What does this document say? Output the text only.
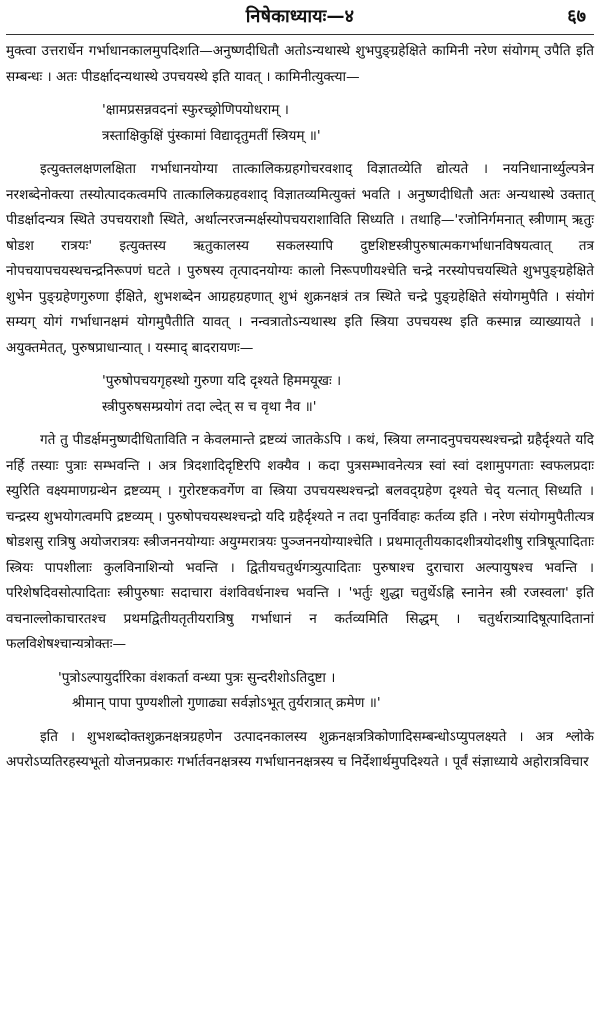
निषेकाध्यायः—४	६७

मुक्त्वा उत्तरार्धेन गर्भाधानकालमुपदिशति—अनुष्णदीधितौ अतोऽन्यथास्थे शुभपुङ्ग्रहेक्षिते कामिनी नरेण संयोगम् उपैति इति सम्बन्धः । अतः पीडर्क्षादन्यथास्थे उपचयस्थे इति यावत् । कामिनीत्युक्त्या—

'क्षामप्रसन्नवदनां स्फुरच्छ्रोणिपयोधराम् ।
त्रस्ताक्षिकुक्षिं पुंस्कामां विद्यादृतुमतीं स्त्रियम् ॥'

इत्युक्तलक्षणलक्षिता गर्भाधानयोग्या तात्कालिकग्रहगोचरवशाद् विज्ञातव्येति द्योत्यते । नयनिधानार्थ्युल्पत्रेन नरशब्देनोक्त्या तस्योत्पादकत्वमपि तात्कालिकग्रहवशाद् विज्ञातव्यमित्युक्तं भवति । अनुष्णदीधितौ अतः अन्यथास्थे उक्तात् पीडर्क्षादन्यत्र स्थिते उपचयराशौ स्थिते, अर्थात्नरजन्मर्क्षस्योपचयराशाविति सिध्यति । तथाहि—'रजोनिर्गमनात् स्त्रीणाम् ऋतुः षोडश रात्रयः' इत्युक्तस्य ऋतुकालस्य सकलस्यापि दुष्टशिष्टस्त्रीपुरुषात्मकगर्भाधानविषयत्वात् तत्र नोपचयापचयस्थचन्द्रनिरूपणं घटते । पुरुषस्य तृत्पादनयोग्यः कालो निरूपणीयश्चेति चन्द्रे नरस्योपचयस्थिते शुभपुङ्ग्रहेक्षिते शुभेन पुङ्ग्रहेणगुरुणा ईक्षिते, शुभशब्देन आग्रहग्रहणात् शुभं शुक्रनक्षत्रं तत्र स्थिते चन्द्रे पुङ्ग्रहेक्षिते संयोगमुपैति । संयोगं सम्यग् योगं गर्भाधानक्षमं योगमुपैतीति यावत् । नन्वत्रातोऽन्यथास्थ इति स्त्रिया उपचयस्थ इति कस्मान्न व्याख्यायते । अयुक्तमेतत्, पुरुषप्राधान्यात् । यस्माद् बादरायणः—

'पुरुषोपचयगृहस्थो गुरुणा यदि दृश्यते हिममयूखः ।
स्त्रीपुरुषसम्प्रयोगं तदा ल्देत् स च वृथा नैव ॥'

गते तु पीडर्क्षमनुष्णदीधिताविति न केवलमान्ते द्रष्टव्यं जातकेऽपि । कथं, स्त्रिया लग्नादनुपचयस्थश्चन्द्रो ग्रहैर्दृश्यते यदि नर्हि तस्याः पुत्राः सम्भवन्ति । अत्र त्रिदशादिदृष्टिरपि शक्यैव । कदा पुत्रसम्भावनेत्यत्र स्वां स्वां दशामुपगताः स्वफलप्रदाः स्युरिति वक्ष्यमाणग्रन्थेन द्रष्टव्यम् । गुरोरष्टकवर्गेण वा स्त्रिया उपचयस्थश्चन्द्रो बलवद्ग्रहेण दृश्यते चेद् यत्नात् सिध्यति । चन्द्रस्य शुभयोगत्वमपि द्रष्टव्यम् । पुरुषोपचयस्थश्चन्द्रो यदि ग्रहैर्दृश्यते न तदा पुनर्विवाहः कर्तव्य इति । नरेण संयोगमुपैतीत्यत्र षोडशसु रात्रिषु अयोजरात्रयः स्त्रीजननयोग्याः अयुग्मरात्रयः पुञ्जननयोग्याश्चेति । प्रथमातृतीयकादशीत्रयोदशीषु रात्रिषूत्पादिताः स्त्रियः पापशीलाः कुलविनाशिन्यो भवन्ति । द्वितीयचतुर्थगत्र्युत्पादिताः पुरुषाश्च दुराचारा अल्पायुषश्च भवन्ति । परिशेषदिवसोत्पादिताः स्त्रीपुरुषाः सदाचारा वंशविवर्धनाश्च भवन्ति । 'भर्तुः शुद्धा चतुर्थेऽह्नि स्नानेन स्त्री रजस्वला' इति वचनाल्लोकाचारतश्च प्रथमद्वितीयतृतीयरात्रिषु गर्भाधानं न कर्तव्यमिति सिद्धम् । चतुर्थरात्र्यादिषूत्पादितानां फलविशेषश्चान्यत्रोक्तः—

'पुत्रोऽल्पायुर्दारिका वंशकर्ता वन्ध्या पुत्रः सुन्दरीशोऽतिदुष्टा ।
श्रीमान् पापा पुण्यशीलो गुणाढ्या सर्वज्ञोऽभूत् तुर्यरात्रात् क्रमेण ॥'

इति । शुभशब्दोक्तशुक्रनक्षत्रग्रहणेन उत्पादनकालस्य शुक्रनक्षत्रत्रिकोणादिसम्बन्धोऽप्युपलक्ष्यते । अत्र श्लोके अपरोऽप्यतिरहस्यभूतो योजनप्रकारः गर्भार्तवनक्षत्रस्य गर्भाधाननक्षत्रस्य च निर्देशार्थमुपदिश्यते । पूर्वं संज्ञाध्याये अहोरात्रविचार
